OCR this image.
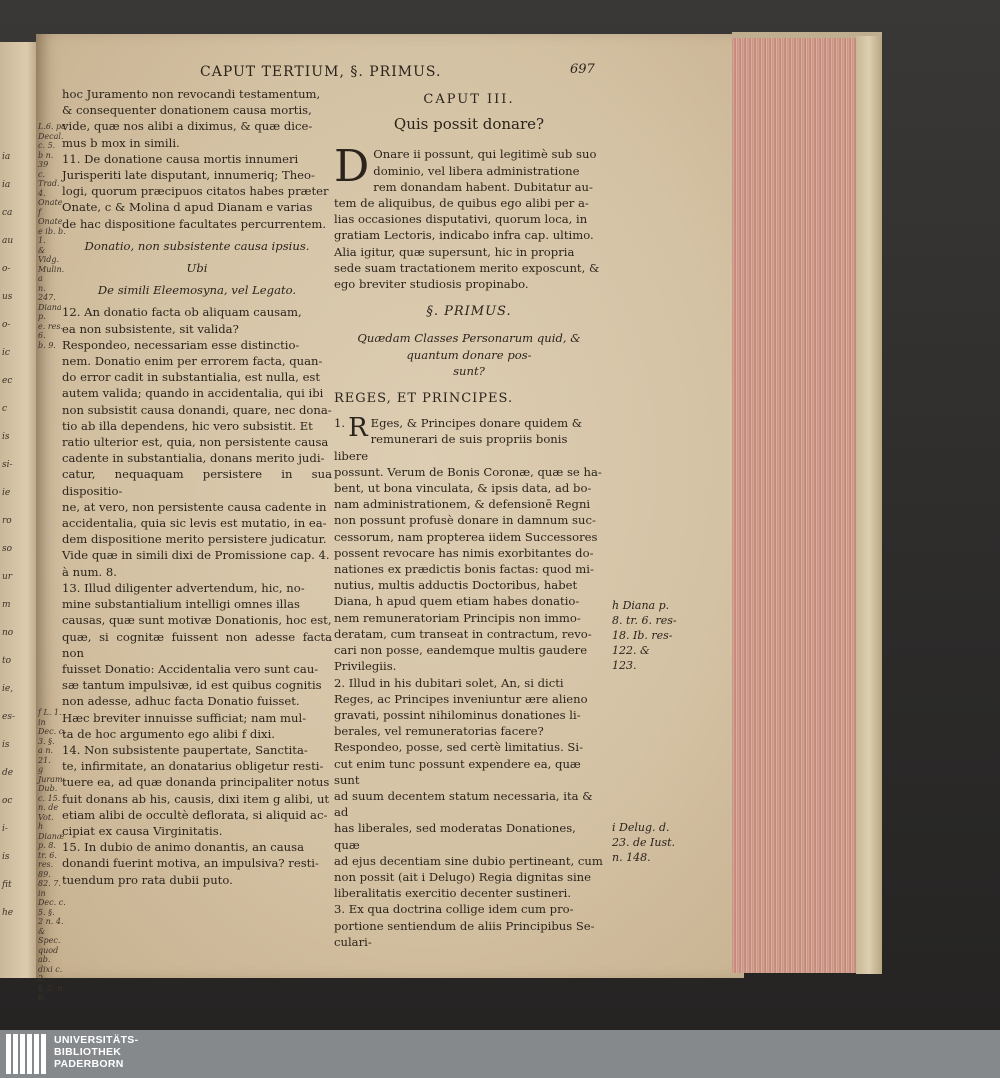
ia
ia
ca
au
o-
us
o-
ic
ec
c
is
si-
ie
ro
so
ur
m
no
to
ie,
es-
is
de
oc
i-
is
fit
he
CAPUT TERTIUM, §. PRIMUS.	697

hoc Juramento non revocandi testamentum,

& consequenter donationem causa mortis,

vide, quæ nos alibi a diximus, & quæ dice-

mus b mox in simili.

11. De donatione causa mortis innumeri

Jurisperiti late disputant, innumeriq; Theo-

logi, quorum præcipuos citatos habes præter

Onate, c & Molina d apud Dianam e varias

de hac dispositione facultates percurrentem.

Donatio, non subsistente causa ipsius.

Ubi

De simili Eleemosyna, vel Legato.

12. An donatio facta ob aliquam causam,

ea non subsistente, sit valida?

Respondeo, necessariam esse distinctio-

nem. Donatio enim per errorem facta, quan-

do error cadit in substantialia, est nulla, est

autem valida; quando in accidentalia, qui ibi

non subsistit causa donandi, quare, nec dona-

tio ab illa dependens, hic vero subsistit. Et

ratio ulterior est, quia, non persistente causa

cadente in substantialia, donans merito judi-

catur, nequaquam persistere in sua dispositio-

ne, at vero, non persistente causa cadente in

accidentalia, quia sic levis est mutatio, in ea-

dem dispositione merito persistere judicatur.

Vide quæ in simili dixi de Promissione cap. 4.

à num. 8.

13. Illud diligenter advertendum, hic, no-

mine substantialium intelligi omnes illas

causas, quæ sunt motivæ Donationis, hoc est,

quæ, si cognitæ fuissent non adesse facta non

fuisset Donatio: Accidentalia vero sunt cau-

sæ tantum impulsivæ, id est quibus cognitis

non adesse, adhuc facta Donatio fuisset.

Hæc breviter innuisse sufficiat; nam mul-

ta de hoc argumento ego alibi f dixi.

14. Non subsistente paupertate, Sanctita-

te, infirmitate, an donatarius obligetur resti-

tuere ea, ad quæ donanda principaliter notus

fuit donans ab his, causis, dixi item g alibi, ut

etiam alibi de occultè deflorata, si aliquid ac-

cipiat ex causa Virginitatis.

15. In dubio de animo donantis, an causa

donandi fuerint motiva, an impulsiva? resti-

tuendum pro rata dubii puto.

L.6. pa
Decal. c. 5.
b n. 39
c. Trad. 4.
Onate
f Onate
e ib. b. 1.
& Vidg.
Mulin. a
n. 247.
Diana p.
e. res. 6.
b. 9.
f L. 1. in
Dec. c. 3. §.
a n. 21.
g Juram.
Dub. c. 15.
n. de Vot.
h Dianæ
p. 8. tr. 6.
res. 89.
82. 7. in
Dec. c. 5. §.
2 n. 4. &
Spec. quod
ab. dixi c. 2.
§. 2. n. 6.
CAPUT III.
Quis possit donare?
D Onare ii possunt, qui legitimè sub suo
dominio, vel libera administratione
rem donandam habent. Dubitatur au-
tem de aliquibus, de quibus ego alibi per a-
lias occasiones disputativi, quorum loca, in
gratiam Lectoris, indicabo infra cap. ultimo.
Alia igitur, quæ supersunt, hic in propria
sede suam tractationem merito exposcunt, &
ego breviter studiosis propinabo.
§. PRIMUS.
Quædam Classes Personarum quid, &
quantum donare pos-
sunt?
REGES, ET PRINCIPES.
1. R Eges, & Principes donare quidem &
remunerari de suis propriis bonis libere
possunt. Verum de Bonis Coronæ, quæ se ha-
bent, ut bona vinculata, & ipsis data, ad bo-
nam administrationem, & defensionē Regni
non possunt profusè donare in damnum suc-
cessorum, nam propterea iidem Successores
possent revocare has nimis exorbitantes do-
nationes ex prædictis bonis factas: quod mi-
nutius, multis adductis Doctoribus, habet
Diana, h apud quem etiam habes donatio-
nem remuneratoriam Principis non immo-
deratam, cum transeat in contractum, revo-
cari non posse, eandemque multis gaudere
Privilegiis.
2. Illud in his dubitari solet, An, si dicti
Reges, ac Principes inveniuntur ære alieno
gravati, possint nihilominus donationes li-
berales, vel remuneratorias facere?
Respondeo, posse, sed certè limitatius. Si-
cut enim tunc possunt expendere ea, quæ sunt
ad suum decentem statum necessaria, ita & ad
has liberales, sed moderatas Donationes, quæ
ad ejus decentiam sine dubio pertineant, cum
non possit (ait i Delugo) Regia dignitas sine
liberalitatis exercitio decenter sustineri.
3. Ex qua doctrina collige idem cum pro-
portione sentiendum de aliis Principibus Se-
culari-
h Diana p.
8. tr. 6. res-
18. Ib. res-
122. &
123.
i Delug. d.
23. de Iust.
n. 148.
UNIVERSITÄTS-
BIBLIOTHEK
PADERBORN
